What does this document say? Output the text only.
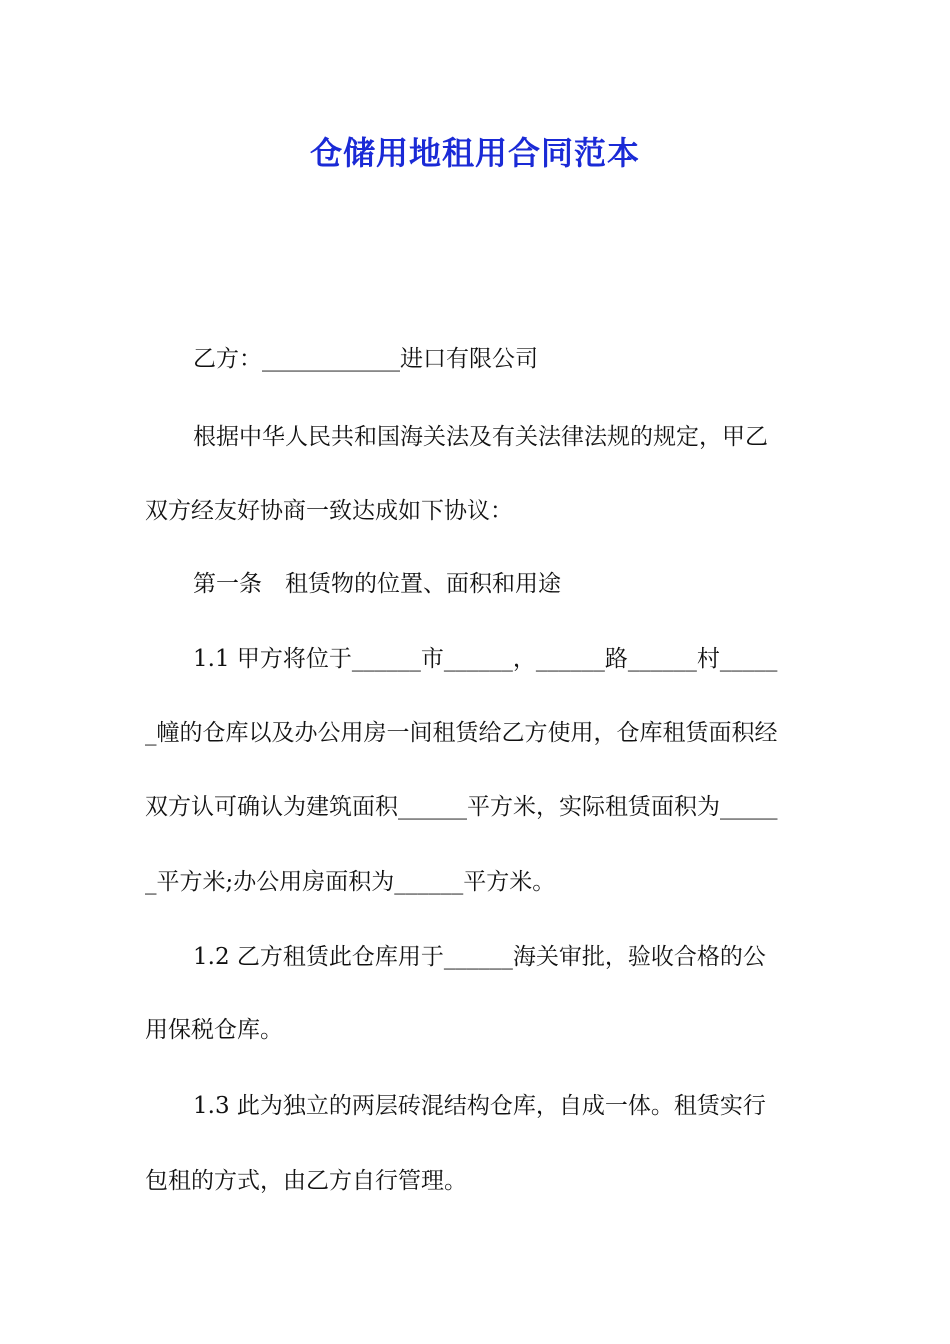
仓储用地租用合同范本
乙方：____________进口有限公司
根据中华人民共和国海关法及有关法律法规的规定，甲乙
双方经友好协商一致达成如下协议：
第一条　租赁物的位置、面积和用途
1.1 甲方将位于______市______，______路______村_____
_幢的仓库以及办公用房一间租赁给乙方使用，仓库租赁面积经
双方认可确认为建筑面积______平方米，实际租赁面积为_____
_平方米;办公用房面积为______平方米。
1.2 乙方租赁此仓库用于______海关审批，验收合格的公
用保税仓库。
1.3 此为独立的两层砖混结构仓库，自成一体。租赁实行
包租的方式，由乙方自行管理。
